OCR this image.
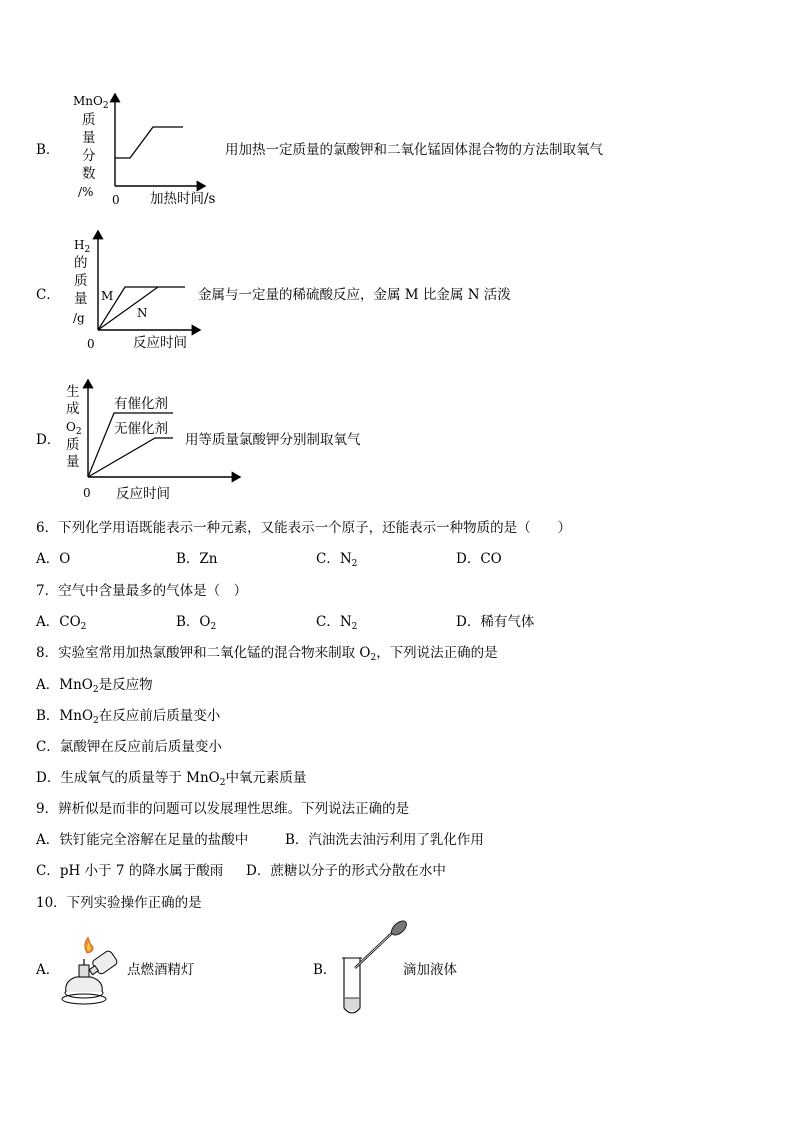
B．
MnO$_2$
质
量
分
数
/%
0 加热时间/s
用加热一定质量的氯酸钾和二氧化锰固体混合物的方法制取氧气
C．
$H_2$
的
质
量
/g
M
N
0	反应时间
金属与一定量的稀硫酸反应，金属 M 比金属 N 活泼
D．
生
成
$O_2$
质
量
有催化剂
无催化剂
0 反应时间
用等质量氯酸钾分别制取氧气
6．下列化学用语既能表示一种元素，又能表示一个原子，还能表示一种物质的是（　　）
A．O	B．Zn	C．$N_2$	D．CO
7．空气中含量最多的气体是（　）
A．$CO_2$	B．$O_2$	C．$N_2$	D．稀有气体
8．实验室常用加热氯酸钾和二氧化锰的混合物来制取 $O_2$，下列说法正确的是
A．MnO$_2$是反应物
B．MnO$_2$在反应前后质量变小
C．氯酸钾在反应前后质量变小
D．生成氧气的质量等于 MnO$_2$中氧元素质量
9．辨析似是而非的问题可以发展理性思维。下列说法正确的是
A．铁钉能完全溶解在足量的盐酸中	B．汽油洗去油污利用了乳化作用
C．pH 小于 7 的降水属于酸雨 D．蔗糖以分子的形式分散在水中
10．下列实验操作正确的是
A．	点燃酒精灯	B．	滴加液体
